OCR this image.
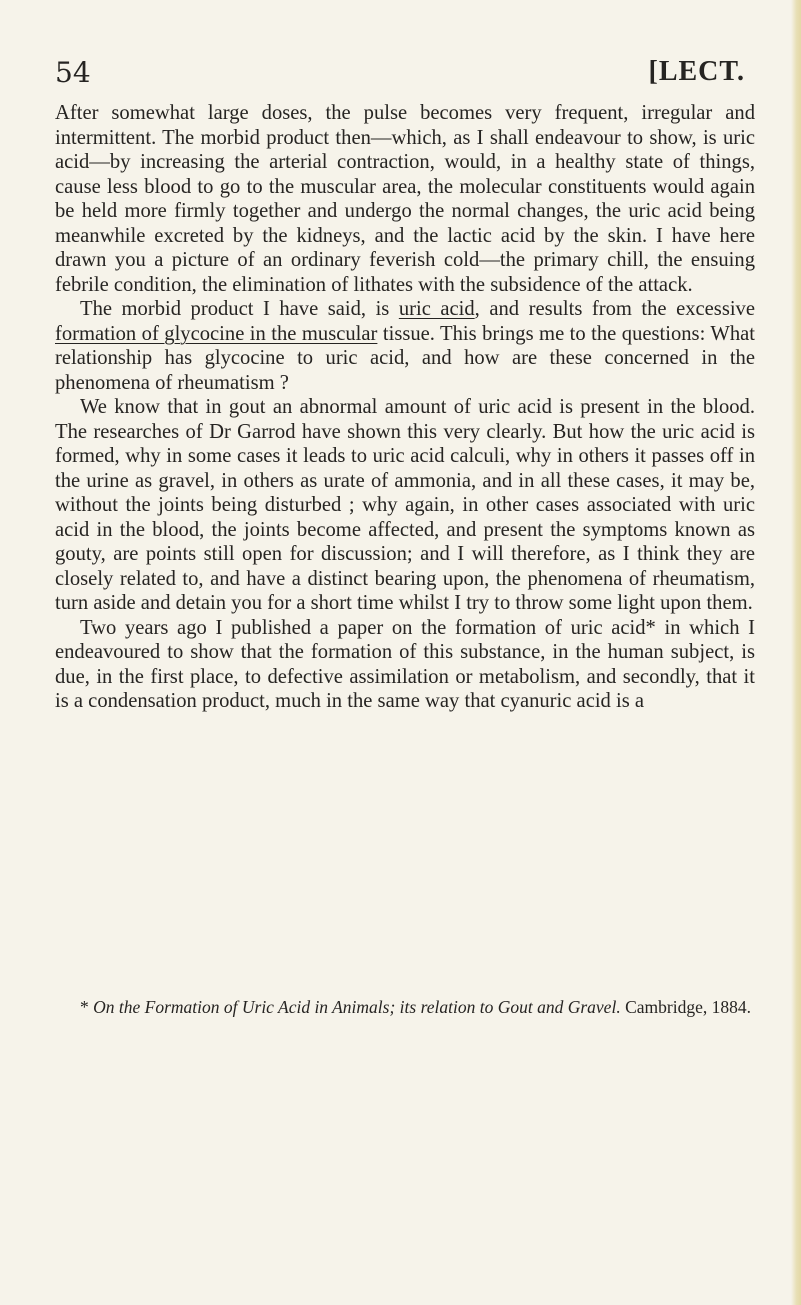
54	[LECT.

After somewhat large doses, the pulse becomes very frequent, irregular and intermittent. The morbid product then—which, as I shall endeavour to show, is uric acid—by increasing the arterial contraction, would, in a healthy state of things, cause less blood to go to the muscular area, the molecular constituents would again be held more firmly together and undergo the normal changes, the uric acid being meanwhile excreted by the kidneys, and the lactic acid by the skin. I have here drawn you a picture of an ordinary feverish cold—the primary chill, the ensuing febrile condition, the elimination of lithates with the subsidence of the attack.

The morbid product I have said, is uric acid, and results from the excessive formation of glycocine in the muscular tissue. This brings me to the questions: What relationship has glycocine to uric acid, and how are these concerned in the phenomena of rheumatism ?

We know that in gout an abnormal amount of uric acid is present in the blood. The researches of Dr Garrod have shown this very clearly. But how the uric acid is formed, why in some cases it leads to uric acid calculi, why in others it passes off in the urine as gravel, in others as urate of ammonia, and in all these cases, it may be, without the joints being disturbed ; why again, in other cases associated with uric acid in the blood, the joints become affected, and present the symptoms known as gouty, are points still open for discussion; and I will therefore, as I think they are closely related to, and have a distinct bearing upon, the phenomena of rheumatism, turn aside and detain you for a short time whilst I try to throw some light upon them.

Two years ago I published a paper on the formation of uric acid* in which I endeavoured to show that the formation of this substance, in the human subject, is due, in the first place, to defective assimilation or metabolism, and secondly, that it is a condensation product, much in the same way that cyanuric acid is a

* On the Formation of Uric Acid in Animals; its relation to Gout and Gravel. Cambridge, 1884.
